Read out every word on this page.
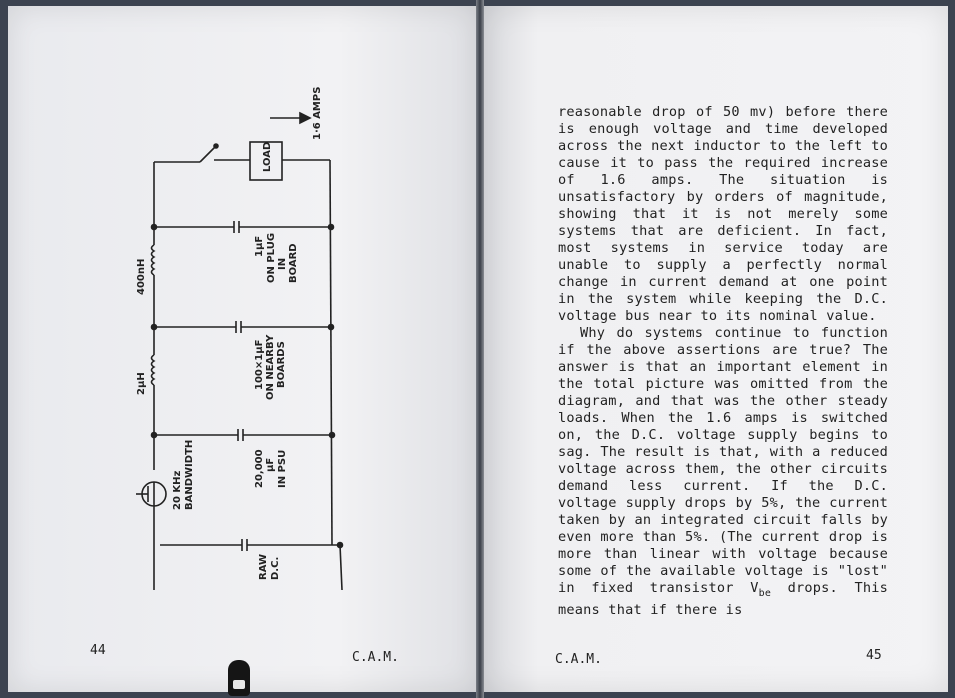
1·6 AMPS
LOAD
400nH
2μH
1μF ON PLUG IN BOARD
100×1μF ON NEARBY BOARDS
20,000 μF IN PSU
20 KHz BANDWIDTH
RAW D.C.
44	C.A.M.

reasonable drop of 50 mv) before there is enough voltage and time developed across the next inductor to the left to cause it to pass the required increase of 1.6 amps. The situation is unsatisfactory by orders of magnitude, showing that it is not merely some systems that are deficient. In fact, most systems in service today are unable to supply a perfectly normal change in current demand at one point in the system while keeping the D.C. voltage bus near to its nominal value.

Why do systems continue to function if the above assertions are true? The answer is that an important element in the total picture was omitted from the diagram, and that was the other steady loads. When the 1.6 amps is switched on, the D.C. voltage supply begins to sag. The result is that, with a reduced voltage across them, the other circuits demand less current. If the D.C. voltage supply drops by 5%, the current taken by an integrated circuit falls by even more than 5%. (The current drop is more than linear with voltage because some of the available voltage is "lost" in fixed transistor $V_{be}$ drops. This means that if there is

C.A.M.	45
